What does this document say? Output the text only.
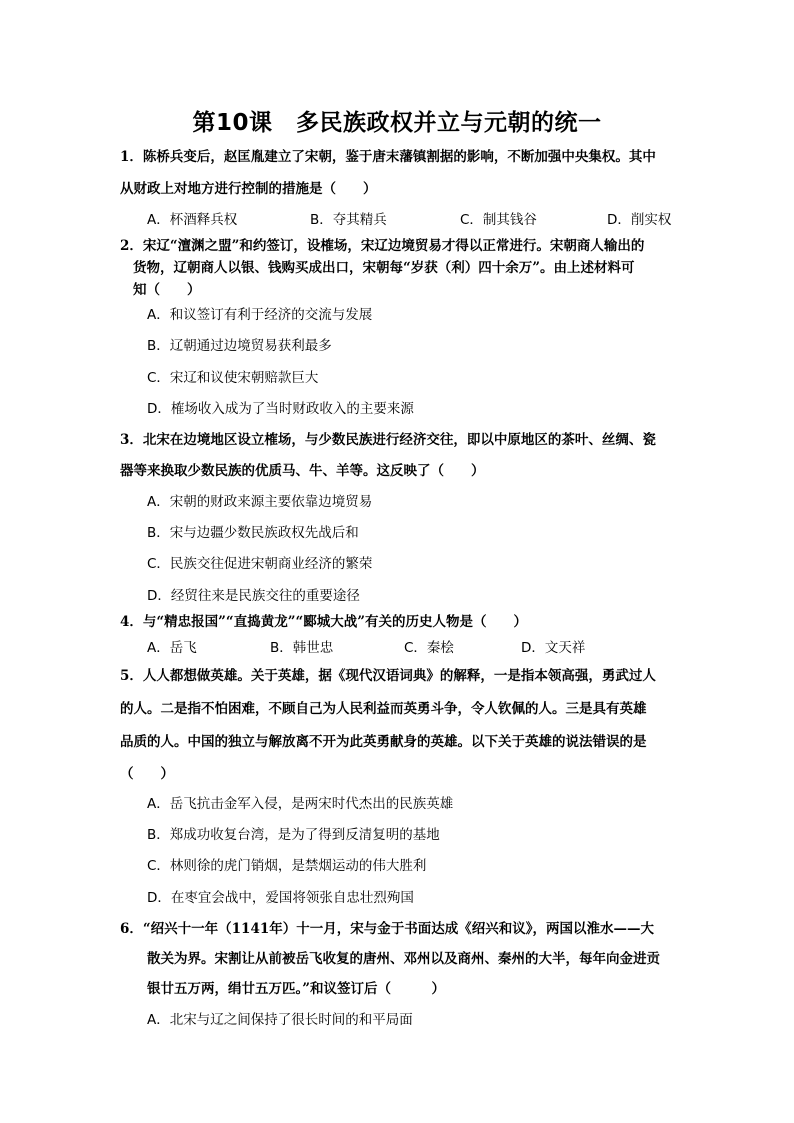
第10课　多民族政权并立与元朝的统一
1．陈桥兵变后，赵匡胤建立了宋朝，鉴于唐末藩镇割据的影响，不断加强中央集权。其中
从财政上对地方进行控制的措施是（　　）
A．杯酒释兵权	B．夺其精兵	C．制其钱谷	D．削实权
2．宋辽“澶渊之盟”和约签订，设榷场，宋辽边境贸易才得以正常进行。宋朝商人输出的
货物，辽朝商人以银、钱购买成出口，宋朝每“岁获（利）四十余万”。由上述材料可
知（　　）
A．和议签订有利于经济的交流与发展
B．辽朝通过边境贸易获利最多
C．宋辽和议使宋朝赔款巨大
D．榷场收入成为了当时财政收入的主要来源
3．北宋在边境地区设立榷场，与少数民族进行经济交往，即以中原地区的茶叶、丝绸、瓷
器等来换取少数民族的优质马、牛、羊等。这反映了（　　）
A．宋朝的财政来源主要依靠边境贸易
B．宋与边疆少数民族政权先战后和
C．民族交往促进宋朝商业经济的繁荣
D．经贸往来是民族交往的重要途径
4．与“精忠报国”“直捣黄龙”“郾城大战”有关的历史人物是（　　）
A．岳飞	B．韩世忠	C．秦桧	D．文天祥
5．人人都想做英雄。关于英雄，据《现代汉语词典》的解释，一是指本领高强，勇武过人
的人。二是指不怕困难，不顾自己为人民利益而英勇斗争，令人钦佩的人。三是具有英雄
品质的人。中国的独立与解放离不开为此英勇献身的英雄。以下关于英雄的说法错误的是
（　　）
A．岳飞抗击金军入侵，是两宋时代杰出的民族英雄
B．郑成功收复台湾，是为了得到反清复明的基地
C．林则徐的虎门销烟，是禁烟运动的伟大胜利
D．在枣宜会战中，爱国将领张自忠壮烈殉国
6．“绍兴十一年（1141年）十一月，宋与金于书面达成《绍兴和议》，两国以淮水——大
散关为界。宋割让从前被岳飞收复的唐州、邓州以及商州、秦州的大半，每年向金进贡
银廿五万两，绢廿五万匹。”和议签订后（　　　）
A．北宋与辽之间保持了很长时间的和平局面
